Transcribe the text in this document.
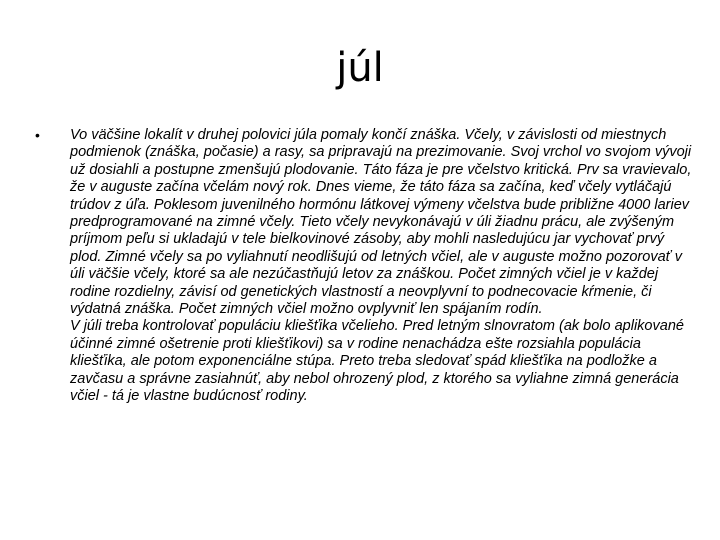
júl
• Vo väčšine lokalít v druhej polovici júla pomaly končí znáška. Včely, v závislosti od miestnych podmienok (znáška, počasie) a rasy, sa pripravajú na prezimovanie. Svoj vrchol vo svojom vývoji už dosiahli a postupne zmenšujú plodovanie. Táto fáza je pre včelstvo kritická. Prv sa vravievalo, že v auguste začína včelám nový rok. Dnes vieme, že táto fáza sa začína, keď včely vytláčajú trúdov z úľa. Poklesom juvenilného hormónu látkovej výmeny včelstva bude približne 4000 lariev predprogramované na zimné včely. Tieto včely nevykonávajú v úli žiadnu prácu, ale zvýšeným príjmom peľu si ukladajú v tele bielkovinové zásoby, aby mohli nasledujúcu jar vychovať prvý plod. Zimné včely sa po vyliahnutí neodlišujú od letných včiel, ale v auguste možno pozorovať v úli väčšie včely, ktoré sa ale nezúčastňujú letov za znáškou. Počet zimných včiel je v každej rodine rozdielny, závisí od genetických vlastností a neovplyvní to podnecovacie kŕmenie, či výdatná znáška. Počet zimných včiel možno ovplyvniť len spájaním rodín.

V júli treba kontrolovať populáciu kliešťika včelieho. Pred letným slnovratom (ak bolo aplikované účinné zimné ošetrenie proti kliešťikovi) sa v rodine nenachádza ešte rozsiahla populácia kliešťika, ale potom exponenciálne stúpa. Preto treba sledovať spád kliešťika na podložke a zavčasu a správne zasiahnúť, aby nebol ohrozený plod, z ktorého sa vyliahne zimná generácia včiel - tá je vlastne budúcnosť rodiny.
